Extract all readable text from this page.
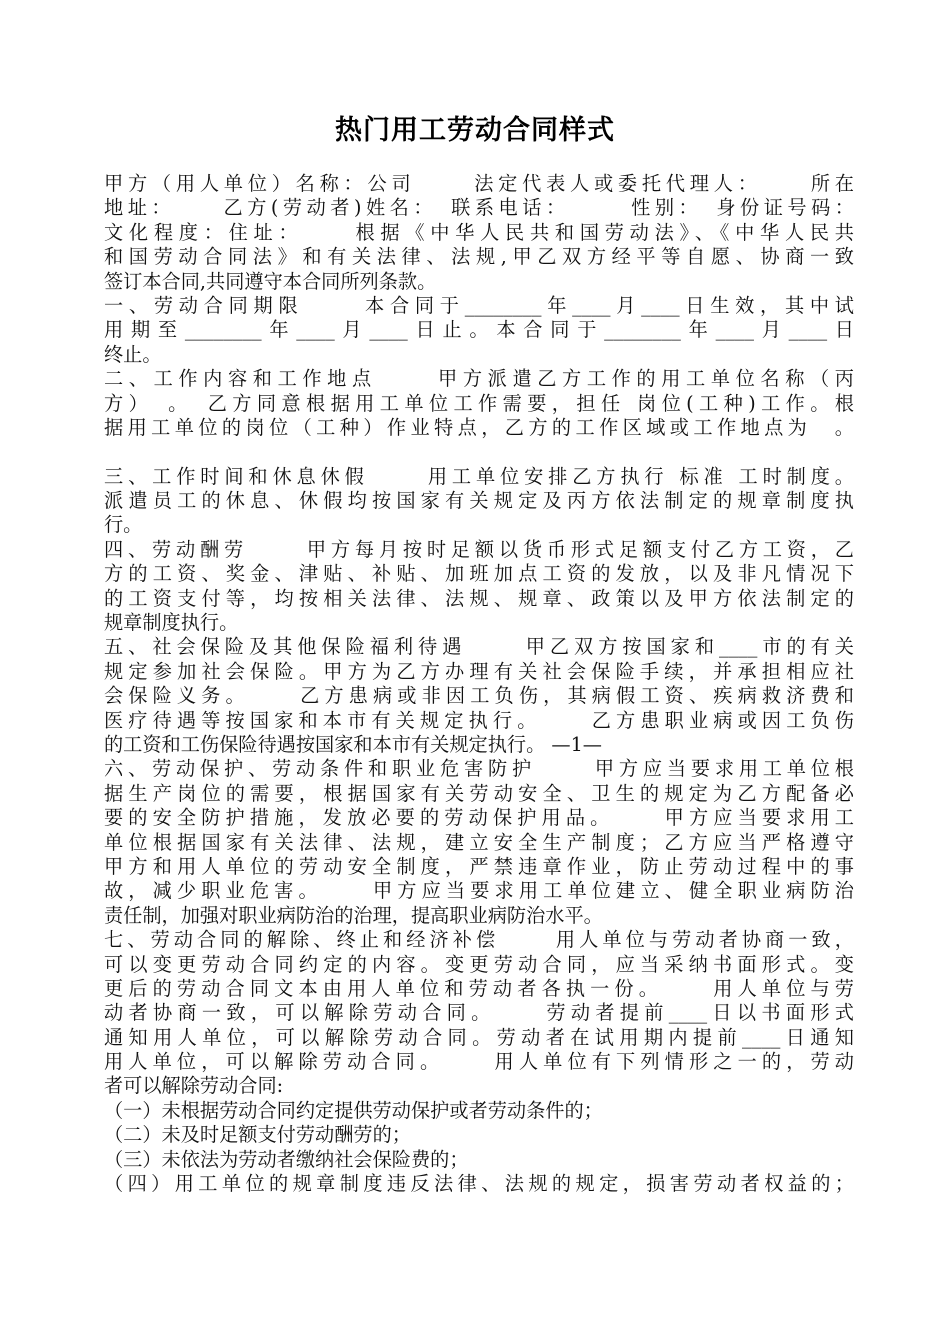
热门用工劳动合同样式
甲方（用人单位）名称：公司　　 法定代表人或委托代理人：　　 所在
地址：　　 乙方(劳动者)姓名：　联系电话：　　　性别：　身份证号码：
文化程度：住址：　　 根据《中华人民共和国劳动法》、《中华人民共
和国劳动合同法》和有关法律、法规,甲乙双方经平等自愿、协商一致
签订本合同,共同遵守本合同所列条款。
一、劳动合同期限　　 本合同于________年____月____日生效，其中试
用期至________年____月____日止。本合同于________年____月____日
终止。
二、工作内容和工作地点　　 甲方派遣乙方工作的用工单位名称（丙
方）　。　乙方同意根据用工单位工作需要，担任 岗位(工种)工作。根
据用工单位的岗位（工种）作业特点，乙方的工作区域或工作地点为　。
三、工作时间和休息休假　　 用工单位安排乙方执行 标准 工时制度。
派遣员工的休息、休假均按国家有关规定及丙方依法制定的规章制度执
行。
四、劳动酬劳　　 甲方每月按时足额以货币形式足额支付乙方工资，乙
方的工资、奖金、津贴、补贴、加班加点工资的发放，以及非凡情况下
的工资支付等，均按相关法律、法规、规章、政策以及甲方依法制定的
规章制度执行。
五、社会保险及其他保险福利待遇　　 甲乙双方按国家和____市的有关
规定参加社会保险。甲方为乙方办理有关社会保险手续，并承担相应社
会保险义务。　　 乙方患病或非因工负伤，其病假工资、疾病救济费和
医疗待遇等按国家和本市有关规定执行。　　 乙方患职业病或因工负伤
的工资和工伤保险待遇按国家和本市有关规定执行。 —1—
六、劳动保护、劳动条件和职业危害防护　　 甲方应当要求用工单位根
据生产岗位的需要，根据国家有关劳动安全、卫生的规定为乙方配备必
要的安全防护措施，发放必要的劳动保护用品。　　 甲方应当要求用工
单位根据国家有关法律、法规，建立安全生产制度；乙方应当严格遵守
甲方和用人单位的劳动安全制度，严禁违章作业，防止劳动过程中的事
故，减少职业危害。　　 甲方应当要求用工单位建立、健全职业病防治
责任制，加强对职业病防治的治理，提高职业病防治水平。
七、劳动合同的解除、终止和经济补偿　　 用人单位与劳动者协商一致，
可以变更劳动合同约定的内容。变更劳动合同，应当采纳书面形式。变
更后的劳动合同文本由用人单位和劳动者各执一份。　　 用人单位与劳
动者协商一致，可以解除劳动合同。　　 劳动者提前____日以书面形式
通知用人单位，可以解除劳动合同。劳动者在试用期内提前____日通知
用人单位，可以解除劳动合同。　　 用人单位有下列情形之一的，劳动
者可以解除劳动合同:
（一）未根据劳动合同约定提供劳动保护或者劳动条件的；
（二）未及时足额支付劳动酬劳的；
（三）未依法为劳动者缴纳社会保险费的；
（四）用工单位的规章制度违反法律、法规的规定，损害劳动者权益的；
